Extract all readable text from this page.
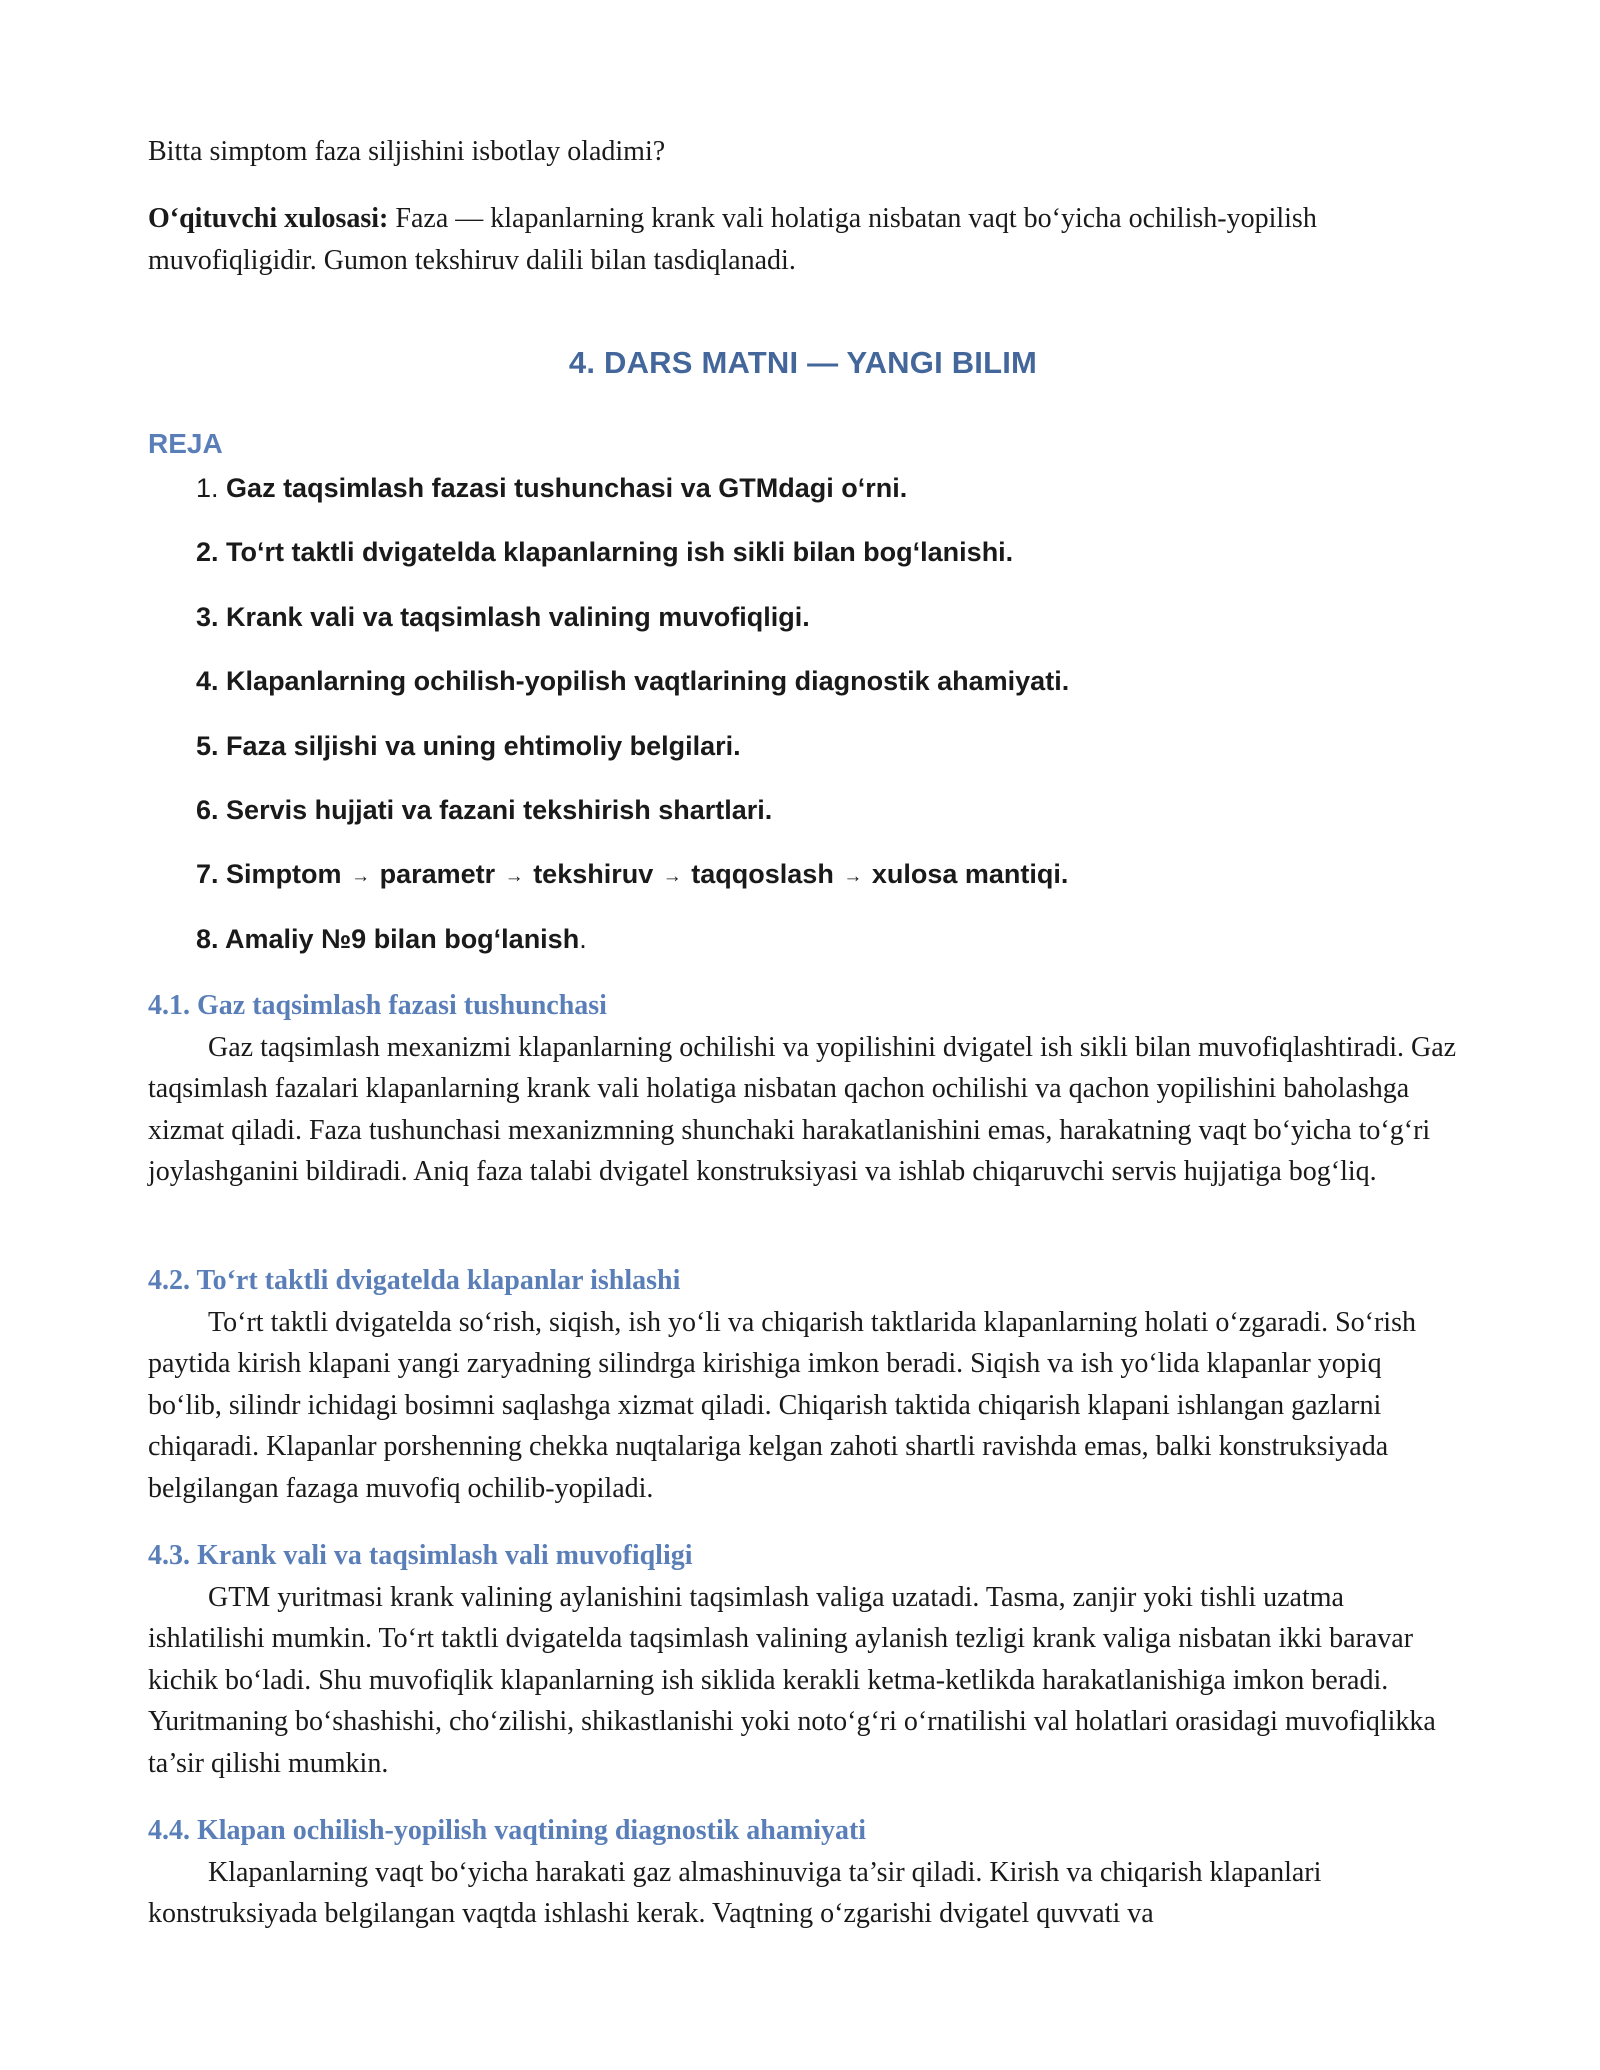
Bitta simptom faza siljishini isbotlay oladimi?

O‘qituvchi xulosasi: Faza — klapanlarning krank vali holatiga nisbatan vaqt bo‘yicha ochilish-yopilish muvofiqligidir. Gumon tekshiruv dalili bilan tasdiqlanadi.

4. DARS MATNI — YANGI BILIM
REJA
1. Gaz taqsimlash fazasi tushunchasi va GTMdagi o‘rni.
2. To‘rt taktli dvigatelda klapanlarning ish sikli bilan bog‘lanishi.
3. Krank vali va taqsimlash valining muvofiqligi.
4. Klapanlarning ochilish-yopilish vaqtlarining diagnostik ahamiyati.
5. Faza siljishi va uning ehtimoliy belgilari.
6. Servis hujjati va fazani tekshirish shartlari.
7. Simptom → parametr → tekshiruv → taqqoslash → xulosa mantiqi.
8. Amaliy №9 bilan bog‘lanish.
4.1. Gaz taqsimlash fazasi tushunchasi

Gaz taqsimlash mexanizmi klapanlarning ochilishi va yopilishini dvigatel ish sikli bilan muvofiqlashtiradi. Gaz taqsimlash fazalari klapanlarning krank vali holatiga nisbatan qachon ochilishi va qachon yopilishini baholashga xizmat qiladi. Faza tushunchasi mexanizmning shunchaki harakatlanishini emas, harakatning vaqt bo‘yicha to‘g‘ri joylashganini bildiradi. Aniq faza talabi dvigatel konstruksiyasi va ishlab chiqaruvchi servis hujjatiga bog‘liq.

4.2. To‘rt taktli dvigatelda klapanlar ishlashi

To‘rt taktli dvigatelda so‘rish, siqish, ish yo‘li va chiqarish taktlarida klapanlarning holati o‘zgaradi. So‘rish paytida kirish klapani yangi zaryadning silindrga kirishiga imkon beradi. Siqish va ish yo‘lida klapanlar yopiq bo‘lib, silindr ichidagi bosimni saqlashga xizmat qiladi. Chiqarish taktida chiqarish klapani ishlangan gazlarni chiqaradi. Klapanlar porshenning chekka nuqtalariga kelgan zahoti shartli ravishda emas, balki konstruksiyada belgilangan fazaga muvofiq ochilib-yopiladi.

4.3. Krank vali va taqsimlash vali muvofiqligi

GTM yuritmasi krank valining aylanishini taqsimlash valiga uzatadi. Tasma, zanjir yoki tishli uzatma ishlatilishi mumkin. To‘rt taktli dvigatelda taqsimlash valining aylanish tezligi krank valiga nisbatan ikki baravar kichik bo‘ladi. Shu muvofiqlik klapanlarning ish siklida kerakli ketma-ketlikda harakatlanishiga imkon beradi. Yuritmaning bo‘shashishi, cho‘zilishi, shikastlanishi yoki noto‘g‘ri o‘rnatilishi val holatlari orasidagi muvofiqlikka ta’sir qilishi mumkin.

4.4. Klapan ochilish-yopilish vaqtining diagnostik ahamiyati

Klapanlarning vaqt bo‘yicha harakati gaz almashinuviga ta’sir qiladi. Kirish va chiqarish klapanlari konstruksiyada belgilangan vaqtda ishlashi kerak. Vaqtning o‘zgarishi dvigatel quvvati va
